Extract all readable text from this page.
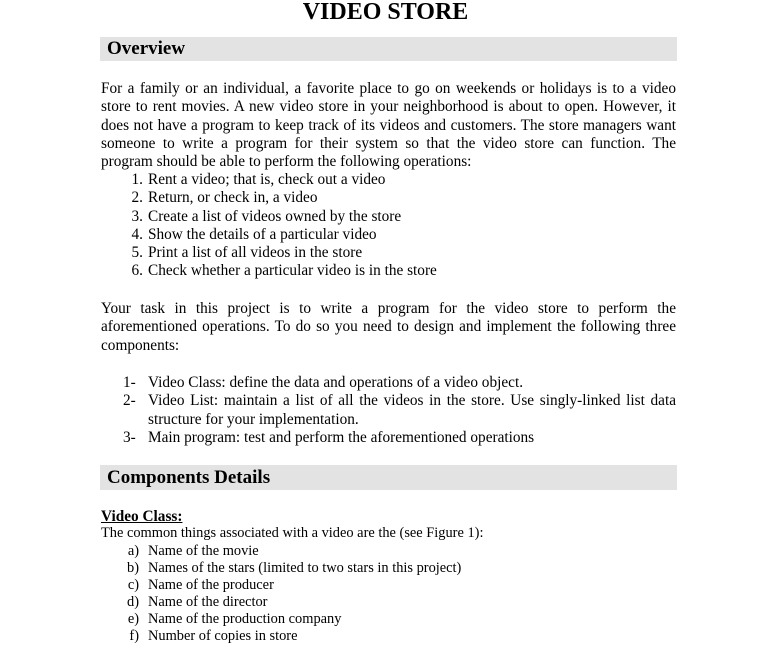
VIDEO STORE
Overview
For a family or an individual, a favorite place to go on weekends or holidays is to a video store to rent movies. A new video store in your neighborhood is about to open. However, it does not have a program to keep track of its videos and customers. The store managers want someone to write a program for their system so that the video store can function. The program should be able to perform the following operations:
1. Rent a video; that is, check out a video
2. Return, or check in, a video
3. Create a list of videos owned by the store
4. Show the details of a particular video
5. Print a list of all videos in the store
6. Check whether a particular video is in the store
Your task in this project is to write a program for the video store to perform the aforementioned operations. To do so you need to design and implement the following three components:
1- Video Class: define the data and operations of a video object.
2- Video List: maintain a list of all the videos in the store. Use singly-linked list data structure for your implementation.
3- Main program: test and perform the aforementioned operations
Components Details
Video Class:
The common things associated with a video are the (see Figure 1):
a) Name of the movie
b) Names of the stars (limited to two stars in this project)
c) Name of the producer
d) Name of the director
e) Name of the production company
f) Number of copies in store
